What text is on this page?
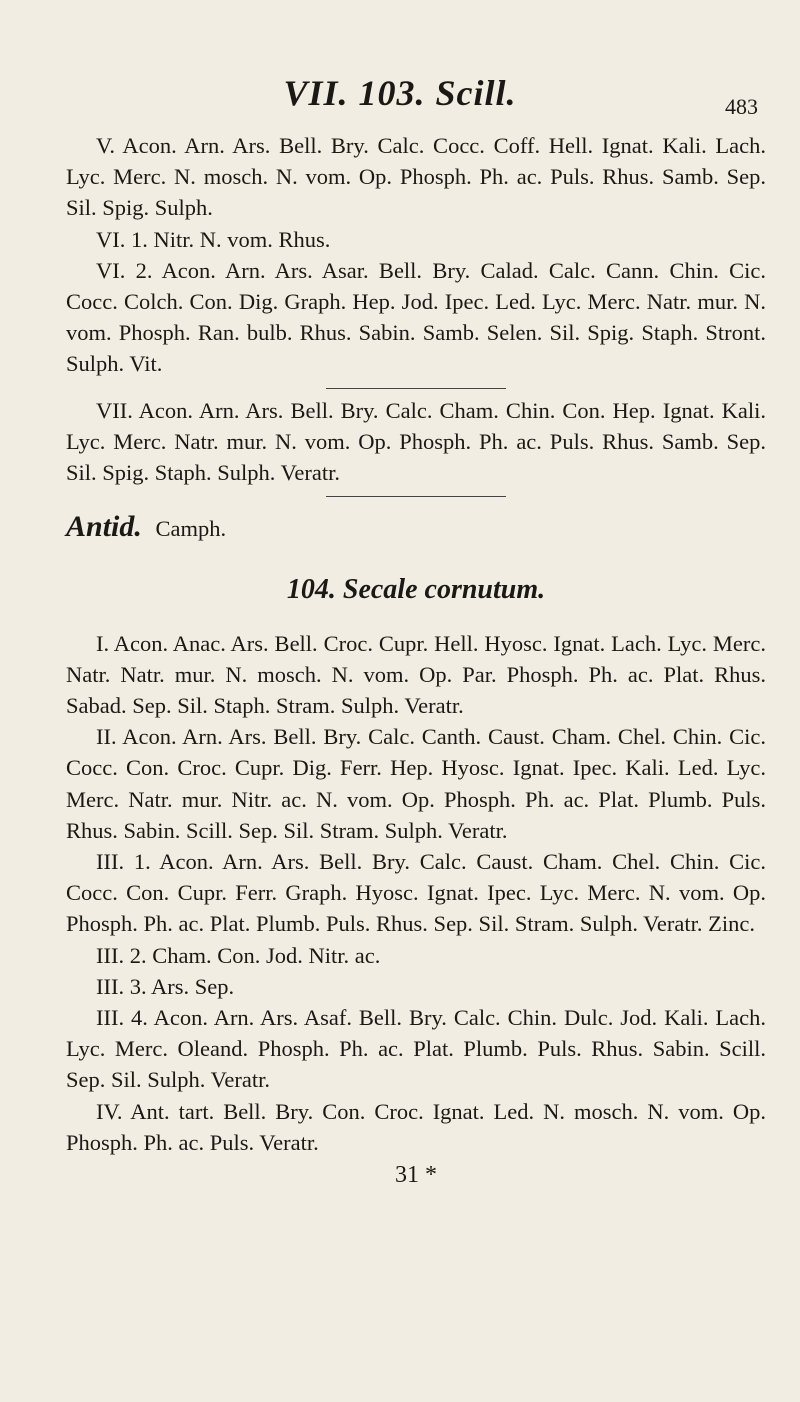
VII. 103. Scill.	483

V. Acon. Arn. Ars. Bell. Bry. Calc. Cocc. Coff. Hell. Ignat. Kali. Lach. Lyc. Merc. N. mosch. N. vom. Op. Phosph. Ph. ac. Puls. Rhus. Samb. Sep. Sil. Spig. Sulph.

VI. 1. Nitr. N. vom. Rhus.

VI. 2. Acon. Arn. Ars. Asar. Bell. Bry. Calad. Calc. Cann. Chin. Cic. Cocc. Colch. Con. Dig. Graph. Hep. Jod. Ipec. Led. Lyc. Merc. Natr. mur. N. vom. Phosph. Ran. bulb. Rhus. Sabin. Samb. Selen. Sil. Spig. Staph. Stront. Sulph. Vit.

VII. Acon. Arn. Ars. Bell. Bry. Calc. Cham. Chin. Con. Hep. Ignat. Kali. Lyc. Merc. Natr. mur. N. vom. Op. Phosph. Ph. ac. Puls. Rhus. Samb. Sep. Sil. Spig. Staph. Sulph. Veratr.

Antid. Camph.
104. Secale cornutum.

I. Acon. Anac. Ars. Bell. Croc. Cupr. Hell. Hyosc. Ignat. Lach. Lyc. Merc. Natr. Natr. mur. N. mosch. N. vom. Op. Par. Phosph. Ph. ac. Plat. Rhus. Sabad. Sep. Sil. Staph. Stram. Sulph. Veratr.

II. Acon. Arn. Ars. Bell. Bry. Calc. Canth. Caust. Cham. Chel. Chin. Cic. Cocc. Con. Croc. Cupr. Dig. Ferr. Hep. Hyosc. Ignat. Ipec. Kali. Led. Lyc. Merc. Natr. mur. Nitr. ac. N. vom. Op. Phosph. Ph. ac. Plat. Plumb. Puls. Rhus. Sabin. Scill. Sep. Sil. Stram. Sulph. Veratr.

III. 1. Acon. Arn. Ars. Bell. Bry. Calc. Caust. Cham. Chel. Chin. Cic. Cocc. Con. Cupr. Ferr. Graph. Hyosc. Ignat. Ipec. Lyc. Merc. N. vom. Op. Phosph. Ph. ac. Plat. Plumb. Puls. Rhus. Sep. Sil. Stram. Sulph. Veratr. Zinc.

III. 2. Cham. Con. Jod. Nitr. ac.

III. 3. Ars. Sep.

III. 4. Acon. Arn. Ars. Asaf. Bell. Bry. Calc. Chin. Dulc. Jod. Kali. Lach. Lyc. Merc. Oleand. Phosph. Ph. ac. Plat. Plumb. Puls. Rhus. Sabin. Scill. Sep. Sil. Sulph. Veratr.

IV. Ant. tart. Bell. Bry. Con. Croc. Ignat. Led. N. mosch. N. vom. Op. Phosph. Ph. ac. Puls. Veratr.

31 *
